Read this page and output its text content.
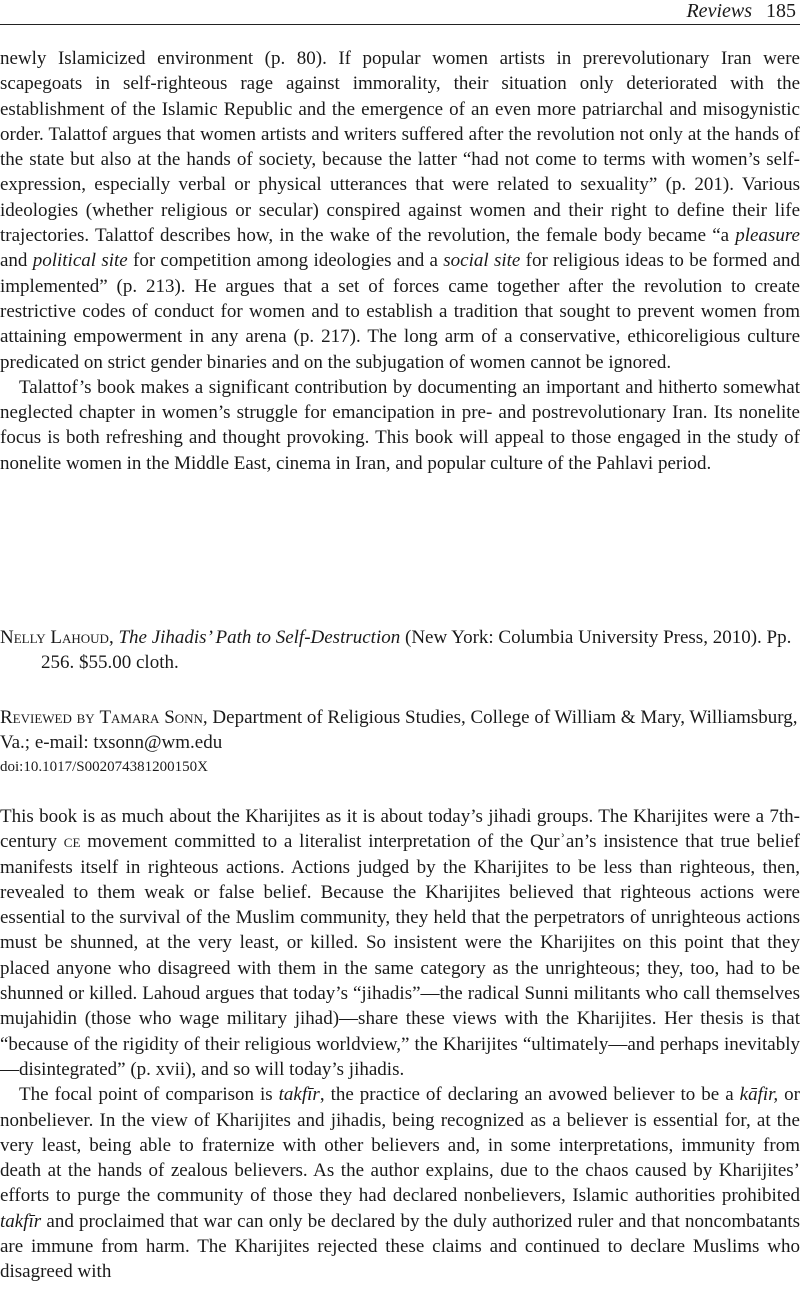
Reviews 185

newly Islamicized environment (p. 80). If popular women artists in prerevolutionary Iran were scapegoats in self-righteous rage against immorality, their situation only deteriorated with the establishment of the Islamic Republic and the emergence of an even more patriarchal and misogynistic order. Talattof argues that women artists and writers suffered after the revolution not only at the hands of the state but also at the hands of society, because the latter “had not come to terms with women’s self-expression, especially verbal or physical utterances that were related to sexuality” (p. 201). Various ideologies (whether religious or secular) conspired against women and their right to define their life trajectories. Talattof describes how, in the wake of the revolution, the female body became “a pleasure and political site for competition among ideologies and a social site for religious ideas to be formed and implemented” (p. 213). He argues that a set of forces came together after the revolution to create restrictive codes of conduct for women and to establish a tradition that sought to prevent women from attaining empowerment in any arena (p. 217). The long arm of a conservative, ethicoreligious culture predicated on strict gender binaries and on the subjugation of women cannot be ignored.

Talattof’s book makes a significant contribution by documenting an important and hitherto somewhat neglected chapter in women’s struggle for emancipation in pre- and postrevolutionary Iran. Its nonelite focus is both refreshing and thought provoking. This book will appeal to those engaged in the study of nonelite women in the Middle East, cinema in Iran, and popular culture of the Pahlavi period.

Nelly Lahoud, The Jihadis’ Path to Self-Destruction (New York: Columbia University Press, 2010). Pp. 256. $55.00 cloth.
Reviewed by Tamara Sonn, Department of Religious Studies, College of William & Mary, Williamsburg, Va.; e-mail: txsonn@wm.edu
doi:10.1017/S002074381200150X

This book is as much about the Kharijites as it is about today’s jihadi groups. The Kharijites were a 7th-century ce movement committed to a literalist interpretation of the Qurʾan’s insistence that true belief manifests itself in righteous actions. Actions judged by the Kharijites to be less than righteous, then, revealed to them weak or false belief. Because the Kharijites believed that righteous actions were essential to the survival of the Muslim community, they held that the perpetrators of unrighteous actions must be shunned, at the very least, or killed. So insistent were the Kharijites on this point that they placed anyone who disagreed with them in the same category as the unrighteous; they, too, had to be shunned or killed. Lahoud argues that today’s “jihadis”—the radical Sunni militants who call themselves mujahidin (those who wage military jihad)—share these views with the Kharijites. Her thesis is that “because of the rigidity of their religious worldview,” the Kharijites “ultimately—and perhaps inevitably—disintegrated” (p. xvii), and so will today’s jihadis.

The focal point of comparison is takfīr, the practice of declaring an avowed believer to be a kāfir, or nonbeliever. In the view of Kharijites and jihadis, being recognized as a believer is essential for, at the very least, being able to fraternize with other believers and, in some interpretations, immunity from death at the hands of zealous believers. As the author explains, due to the chaos caused by Kharijites’ efforts to purge the community of those they had declared nonbelievers, Islamic authorities prohibited takfīr and proclaimed that war can only be declared by the duly authorized ruler and that noncombatants are immune from harm. The Kharijites rejected these claims and continued to declare Muslims who disagreed with
